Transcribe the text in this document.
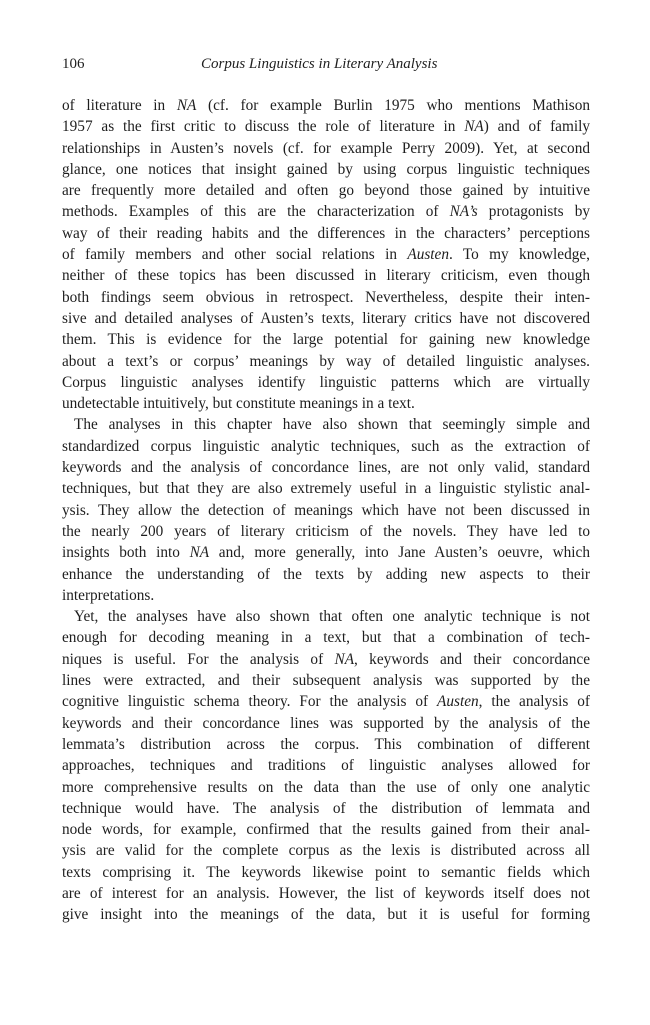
106	Corpus Linguistics in Literary Analysis
of literature in NA (cf. for example Burlin 1975 who mentions Mathison
1957 as the first critic to discuss the role of literature in NA) and of family
relationships in Austen’s novels (cf. for example Perry 2009). Yet, at second
glance, one notices that insight gained by using corpus linguistic techniques
are frequently more detailed and often go beyond those gained by intuitive
methods. Examples of this are the characterization of NA’s protagonists by
way of their reading habits and the differences in the characters’ perceptions
of family members and other social relations in Austen. To my knowledge,
neither of these topics has been discussed in literary criticism, even though
both findings seem obvious in retrospect. Nevertheless, despite their inten-
sive and detailed analyses of Austen’s texts, literary critics have not discovered
them. This is evidence for the large potential for gaining new knowledge
about a text’s or corpus’ meanings by way of detailed linguistic analyses.
Corpus linguistic analyses identify linguistic patterns which are virtually
undetectable intuitively, but constitute meanings in a text.
The analyses in this chapter have also shown that seemingly simple and
standardized corpus linguistic analytic techniques, such as the extraction of
keywords and the analysis of concordance lines, are not only valid, standard
techniques, but that they are also extremely useful in a linguistic stylistic anal-
ysis. They allow the detection of meanings which have not been discussed in
the nearly 200 years of literary criticism of the novels. They have led to
insights both into NA and, more generally, into Jane Austen’s oeuvre, which
enhance the understanding of the texts by adding new aspects to their
interpretations.
Yet, the analyses have also shown that often one analytic technique is not
enough for decoding meaning in a text, but that a combination of tech-
niques is useful. For the analysis of NA, keywords and their concordance
lines were extracted, and their subsequent analysis was supported by the
cognitive linguistic schema theory. For the analysis of Austen, the analysis of
keywords and their concordance lines was supported by the analysis of the
lemmata’s distribution across the corpus. This combination of different
approaches, techniques and traditions of linguistic analyses allowed for
more comprehensive results on the data than the use of only one analytic
technique would have. The analysis of the distribution of lemmata and
node words, for example, confirmed that the results gained from their anal-
ysis are valid for the complete corpus as the lexis is distributed across all
texts comprising it. The keywords likewise point to semantic fields which
are of interest for an analysis. However, the list of keywords itself does not
give insight into the meanings of the data, but it is useful for forming
